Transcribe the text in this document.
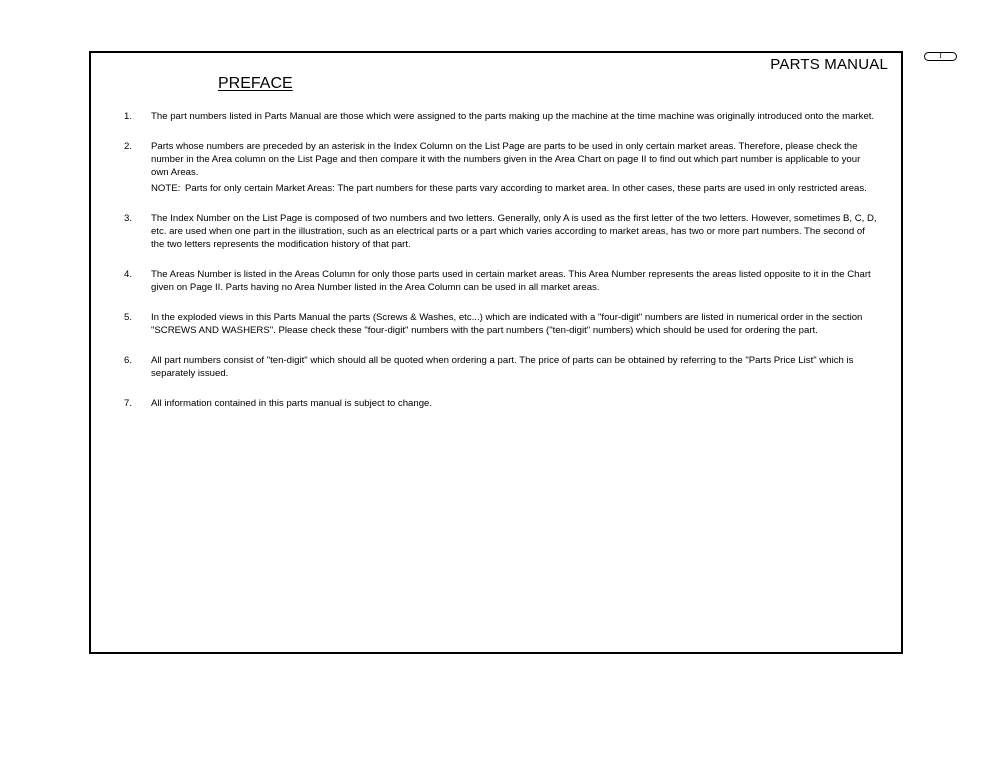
PARTS MANUAL
PREFACE
1. The part numbers listed in Parts Manual are those which were assigned to the parts making up the machine at the time machine was originally introduced onto the market.
2. Parts whose numbers are preceded by an asterisk in the Index Column on the List Page are parts to be used in only certain market areas. Therefore, please check the number in the Area column on the List Page and then compare it with the numbers given in the Area Chart on page II to find out which part number is applicable to your own Areas.
NOTE: Parts for only certain Market Areas: The part numbers for these parts vary according to market area. In other cases, these parts are used in only restricted areas.
3. The Index Number on the List Page is composed of two numbers and two letters. Generally, only A is used as the first letter of the two letters. However, sometimes B, C, D, etc. are used when one part in the illustration, such as an electrical parts or a part which varies according to market areas, has two or more part numbers. The second of the two letters represents the modification history of that part.
4. The Areas Number is listed in the Areas Column for only those parts used in certain market areas. This Area Number represents the areas listed opposite to it in the Chart given on Page II. Parts having no Area Number listed in the Area Column can be used in all market areas.
5. In the exploded views in this Parts Manual the parts (Screws & Washes, etc...) which are indicated with a "four-digit" numbers are listed in numerical order in the section "SCREWS AND WASHERS". Please check these "four-digit" numbers with the part numbers ("ten-digit" numbers) which should be used for ordering the part.
6. All part numbers consist of "ten-digit" which should all be quoted when ordering a part. The price of parts can be obtained by referring to the "Parts Price List" which is separately issued.
7. All information contained in this parts manual is subject to change.
I
